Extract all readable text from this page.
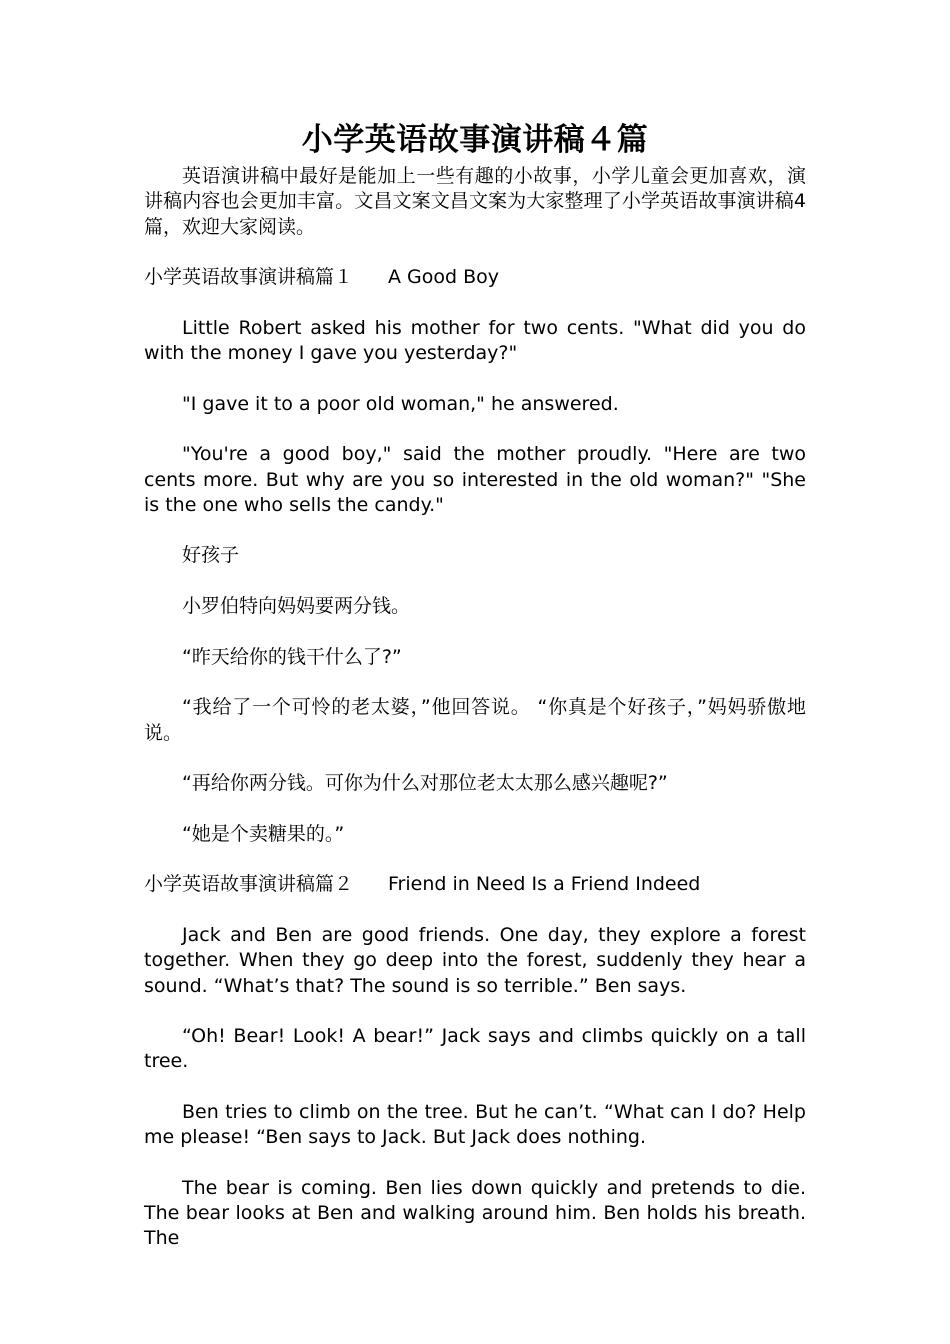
小学英语故事演讲稿４篇

英语演讲稿中最好是能加上一些有趣的小故事，小学儿童会更加喜欢，演讲稿内容也会更加丰富。文昌文案文昌文案为大家整理了小学英语故事演讲稿4篇，欢迎大家阅读。

小学英语故事演讲稿篇１ A Good Boy

Little Robert asked his mother for two cents. "What did you do with the money I gave you yesterday?"

"I gave it to a poor old woman," he answered.

"You're a good boy," said the mother proudly. "Here are two cents more. But why are you so interested in the old woman?" "She is the one who sells the candy."

好孩子

小罗伯特向妈妈要两分钱。

“昨天给你的钱干什么了?”

“我给了一个可怜的老太婆，”他回答说。 “你真是个好孩子，”妈妈骄傲地说。

“再给你两分钱。可你为什么对那位老太太那么感兴趣呢?”

“她是个卖糖果的。”

小学英语故事演讲稿篇２ Friend in Need Is a Friend Indeed

Jack and Ben are good friends. One day, they explore a forest together. When they go deep into the forest, suddenly they hear a sound. “What’s that? The sound is so terrible.” Ben says.

“Oh! Bear! Look! A bear!” Jack says and climbs quickly on a tall tree.

Ben tries to climb on the tree. But he can’t. “What can I do? Help me please! “Ben says to Jack. But Jack does nothing.

The bear is coming. Ben lies down quickly and pretends to die. The bear looks at Ben and walking around him. Ben holds his breath. The
